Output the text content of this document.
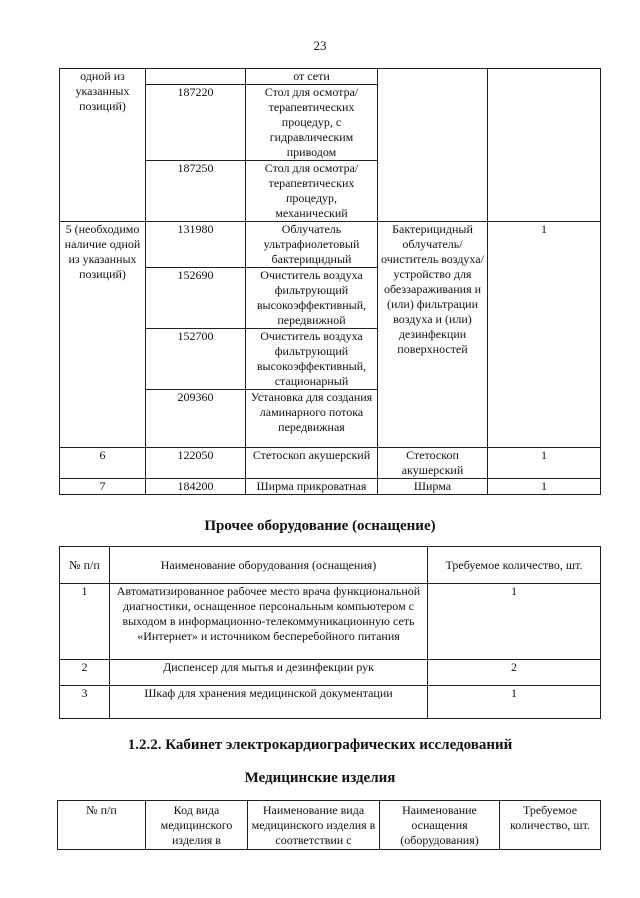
23
одной из указанных позиций)		от сети		
	187220	Стол для осмотра/ терапевтических процедур, с гидравлическим приводом		
	187250	Стол для осмотра/ терапевтических процедур, механический		
5 (необходимо наличие одной из указанных позиций)	131980	Облучатель ультрафиолетовый бактерицидный	Бактерицидный облучатель/ очиститель воздуха/ устройство для обеззараживания и (или) фильтрации воздуха и (или) дезинфекции поверхностей	1
	152690	Очиститель воздуха фильтрующий высокоэффективный, передвижной		
	152700	Очиститель воздуха фильтрующий высокоэффективный, стационарный		
	209360	Установка для создания ламинарного потока передвижная		
6	122050	Стетоскоп акушерский	Стетоскоп акушерский	1
7	184200	Ширма прикроватная	Ширма	1
Прочее оборудование (оснащение)
№ п/п	Наименование оборудования (оснащения)	Требуемое количество, шт.
1	Автоматизированное рабочее место врача функциональной диагностики, оснащенное персональным компьютером с выходом в информационно-телекоммуникационную сеть «Интернет» и источником бесперебойного питания	1
2	Диспенсер для мытья и дезинфекции рук	2
3	Шкаф для хранения медицинской документации	1
1.2.2. Кабинет электрокардиографических исследований
Медицинские изделия
№ п/п	Код вида медицинского изделия в	Наименование вида медицинского изделия в соответствии с	Наименование оснащения (оборудования)	Требуемое количество, шт.
